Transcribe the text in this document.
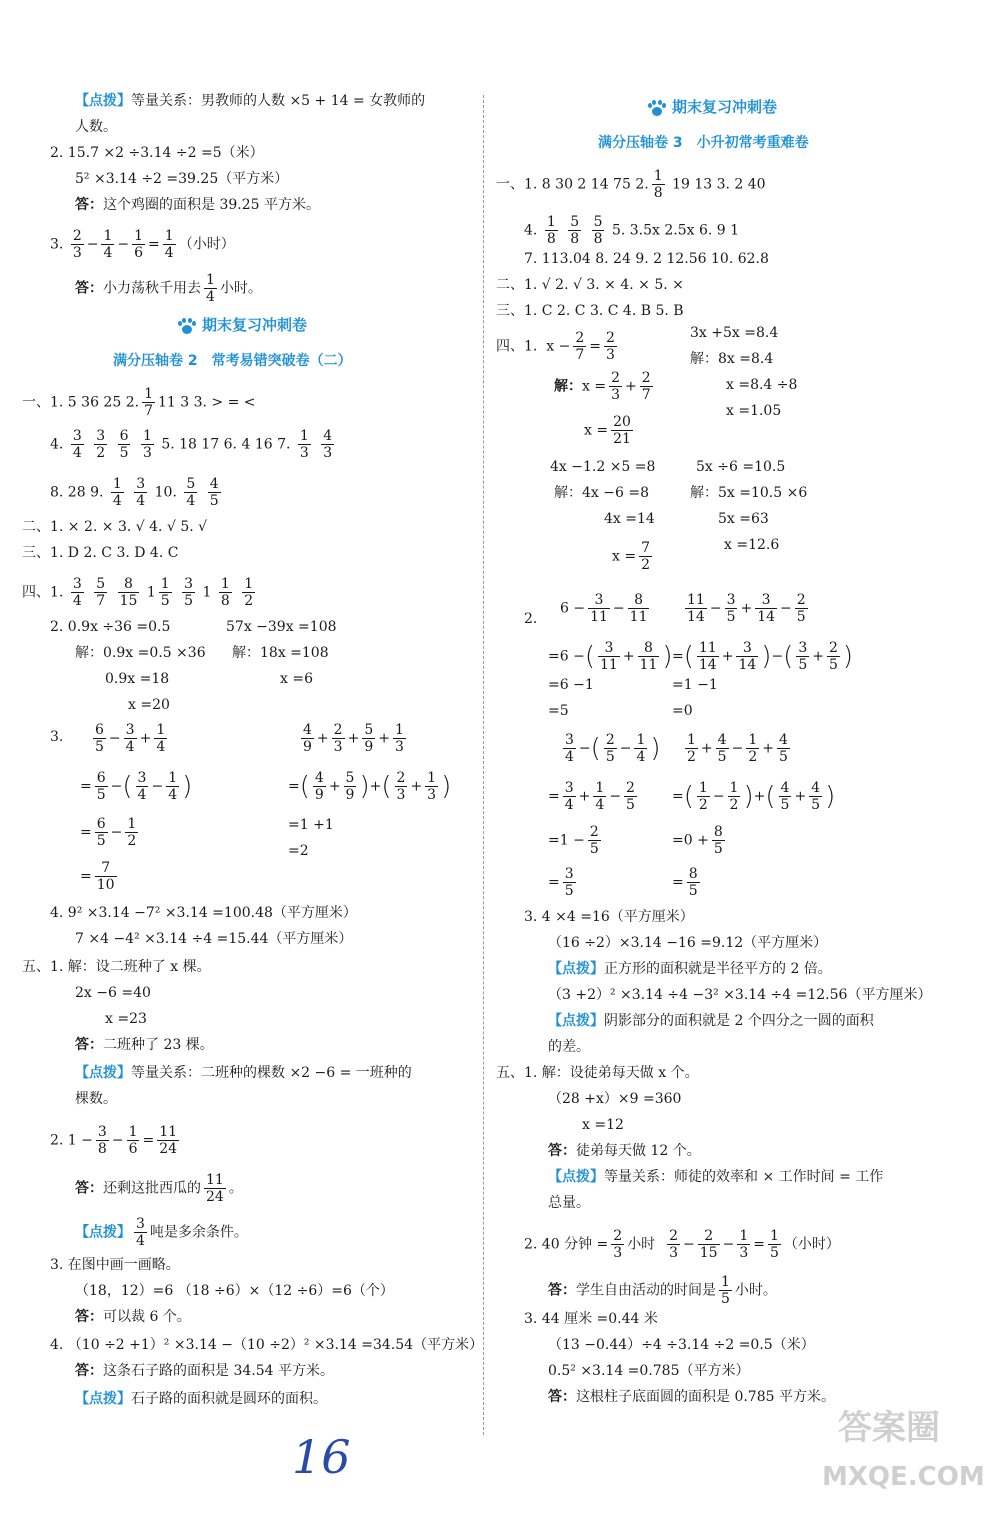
【点拨】等量关系：男教师的人数 ×5 + 14 = 女教师的
人数。
2. 15.7 ×2 ÷3.14 ÷2 =5（米）
5² ×3.14 ÷2 =39.25（平方米）
答：这个鸡圈的面积是 39.25 平方米。
3. $\frac{2}{3} - \frac{1}{4} - \frac{1}{6} = \frac{1}{4}$ （小时）
答：小力荡秋千用去 $\frac{1}{4}$ 小时。
期末复习冲刺卷
满分压轴卷 2　常考易错突破卷（二）
一、1. 5 36 25 2. $\frac{1}{7} 11$ 3 3. > = <
4. $\frac{3}{4}$
$\frac{3}{2}$
$\frac{6}{5}$
$\frac{1}{3} 5$. 18 17 6. 4 16 7. $\frac{1}{3}$
$\frac{4}{3}$
8. 28 9. $\frac{1}{4}$
$\frac{3}{4} 10$. $\frac{5}{4}$
$\frac{4}{5}$
二、1. × 2. × 3. √ 4. √ 5. √
三、1. D 2. C 3. D 4. C
四、1. $\frac{3}{4}$
$\frac{5}{7}$
$\frac{8}{15} 1 \frac{1}{5}$
$\frac{3}{5} 1 \frac{1}{8}$
$\frac{1}{2}$
2. 0.9x ÷36 =0.5	57x −39x =108
解：0.9x =0.5 ×36 解：18x =108
0.9x =18	x =6
x =20
3. $\frac{6}{5} - \frac{3}{4} + \frac{1}{4}$
= $\frac{6}{5}$ −( $\frac{3}{4} - \frac{1}{4}$ )
= $\frac{6}{5} - \frac{1}{2}$
= $\frac{7}{10}$
$\frac{4}{9} + \frac{2}{3} + \frac{5}{9} + \frac{1}{3}$
=( $\frac{4}{9} + \frac{5}{9}$ )+( $\frac{2}{3} + \frac{1}{3}$ )
=1 +1
=2
4. 9² ×3.14 −7² ×3.14 =100.48（平方厘米）
7 ×4 −4² ×3.14 ÷4 =15.44（平方厘米）
五、1. 解：设二班种了 x 棵。
2x −6 =40
x =23
答：二班种了 23 棵。
【点拨】等量关系：二班种的棵数 ×2 −6 = 一班种的
棵数。
2. $1 - \frac{3}{8} - \frac{1}{6} = \frac{11}{24}$
答：还剩这批西瓜的 $\frac{11}{24}$ 。
【点拨】 $\frac{3}{4}$ 吨是多余条件。
3. 在图中画一画略。
（18，12）=6 （18 ÷6）×（12 ÷6）=6（个）
答：可以裁 6 个。
4. （10 ÷2 +1）² ×3.14 −（10 ÷2）² ×3.14 =34.54（平方米）
答：这条石子路的面积是 34.54 平方米。
【点拨】石子路的面积就是圆环的面积。
期末复习冲刺卷
满分压轴卷 3　小升初常考重难卷
一、1. 8 30 2 14 75 2. $\frac{1}{8} 19$ 13 3. 2 40
4. $\frac{1}{8}$
$\frac{5}{8}$
$\frac{5}{8} 5$. 3.5x 2.5x 6. 9 1
7. 113.04 8. 24 9. 2 12.56 10. 62.8
二、1. √ 2. √ 3. × 4. × 5. ×
三、1. C 2. C 3. C 4. B 5. B
四、1.  $x - \frac{2}{7} = \frac{2}{3}$	3x +5x =8.4
解：8x =8.4
x =8.4 ÷8
x =1.05
解：$x = \frac{2}{3} + \frac{2}{7}$
$x = \frac{20}{21}$
4x −1.2 ×5 =8
解：4x −6 =8
4x =14
$x = \frac{7}{2}$
5x ÷6 =10.5
解：5x =10.5 ×6
5x =63
x =12.6
2.
$6 - \frac{3}{11} - \frac{8}{11}$
=6 −( $\frac{3}{11} + \frac{8}{11}$ )
=6 −1
=5
$\frac{11}{14} - \frac{3}{5} + \frac{3}{14} - \frac{2}{5}$
=( $\frac{11}{14} + \frac{3}{14}$ )−( $\frac{3}{5} + \frac{2}{5}$ )
=1 −1
=0
$\frac{3}{4}$ −( $\frac{2}{5} - \frac{1}{4}$ )
= $\frac{3}{4} + \frac{1}{4} - \frac{2}{5}$
$=1 - \frac{2}{5}$
= $\frac{3}{5}$
$\frac{1}{2} + \frac{4}{5} - \frac{1}{2} + \frac{4}{5}$
=( $\frac{1}{2} - \frac{1}{2}$ )+( $\frac{4}{5} + \frac{4}{5}$ )
$=0 + \frac{8}{5}$
= $\frac{8}{5}$
3. 4 ×4 =16（平方厘米）
（16 ÷2）×3.14 −16 =9.12（平方厘米）
【点拨】正方形的面积就是半径平方的 2 倍。
（3 +2）² ×3.14 ÷4 −3² ×3.14 ÷4 =12.56（平方厘米）
【点拨】阴影部分的面积就是 2 个四分之一圆的面积
的差。
五、1. 解：设徒弟每天做 x 个。
（28 +x）×9 =360
x =12
答：徒弟每天做 12 个。
【点拨】等量关系：师徒的效率和 × 工作时间 = 工作
总量。
2. 40 分钟 = $\frac{2}{3}$ 小时 $\frac{2}{3} - \frac{2}{15} - \frac{1}{3} = \frac{1}{5}$ （小时）
答：学生自由活动的时间是 $\frac{1}{5}$ 小时。
3. 44 厘米 =0.44 米
（13 −0.44）÷4 ÷3.14 ÷2 =0.5（米）
0.5² ×3.14 =0.785（平方米）
答：这根柱子底面圆的面积是 0.785 平方米。
16
答案圈
MXQE.COM
